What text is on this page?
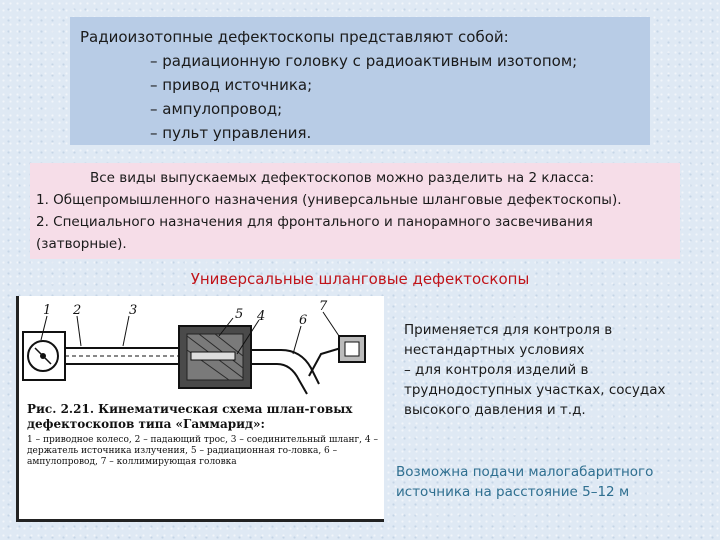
Радиоизотопные дефектоскопы представляют собой:
– радиационную головку с радиоактивным изотопом;
– привод источника;
– ампулопровод;
– пульт управления.
Все виды выпускаемых дефектоскопов можно разделить на 2 класса:
1. Общепромышленного назначения (универсальные шланговые дефектоскопы).
2. Специального назначения для фронтального и панорамного засвечивания
(затворные).
Универсальные шланговые дефектоскопы
1 2	3	5 4	6
7
Рис. 2.21. Кинематическая схема шлан-говых дефектоскопов типа «Гаммарид»:
1 – приводное колесо, 2 – падающий трос, 3 – соединительный шланг, 4 – держатель источника излучения, 5 – радиационная го-ловка, 6 – ампулопровод, 7 – коллимирующая головка
Применяется для контроля в
нестандартных условиях
– для контроля изделий в
труднодоступных участках, сосудах
высокого давления и т.д.
Возможна подачи малогабаритного
источника на расстояние 5–12 м
